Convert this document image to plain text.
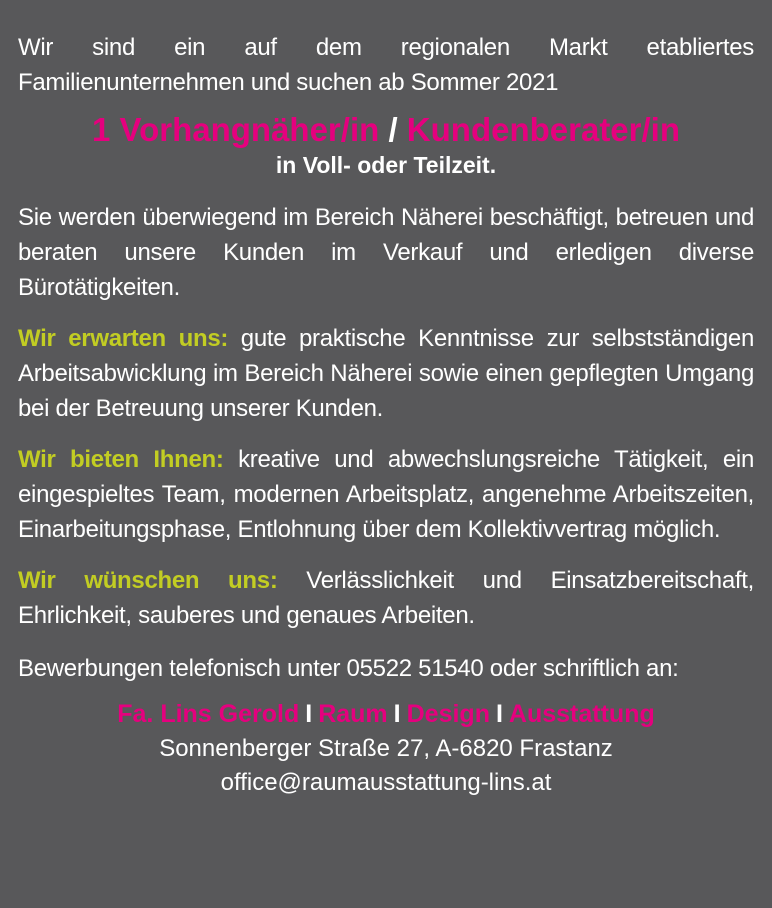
Wir sind ein auf dem regionalen Markt etabliertes Familienunternehmen und suchen ab Sommer 2021

1 Vorhangnäher/in / Kundenberater/in

in Voll- oder Teilzeit.

Sie werden überwiegend im Bereich Näherei beschäftigt, betreuen und beraten unsere Kunden im Verkauf und erledigen diverse Bürotätigkeiten.

Wir erwarten uns: gute praktische Kenntnisse zur selbstständigen Arbeitsabwicklung im Bereich Näherei sowie einen gepflegten Umgang bei der Betreuung unserer Kunden.

Wir bieten Ihnen: kreative und abwechslungsreiche Tätigkeit, ein eingespieltes Team, modernen Arbeitsplatz, angenehme Arbeitszeiten, Einarbeitungsphase, Entlohnung über dem Kollektivvertrag möglich.

Wir wünschen uns: Verlässlichkeit und Einsatzbereitschaft, Ehrlichkeit, sauberes und genaues Arbeiten.

Bewerbungen telefonisch unter 05522 51540 oder schriftlich an:

Fa. Lins Gerold I Raum I Design I Ausstattung

Sonnenberger Straße 27, A-6820 Frastanz

office@raumausstattung-lins.at
